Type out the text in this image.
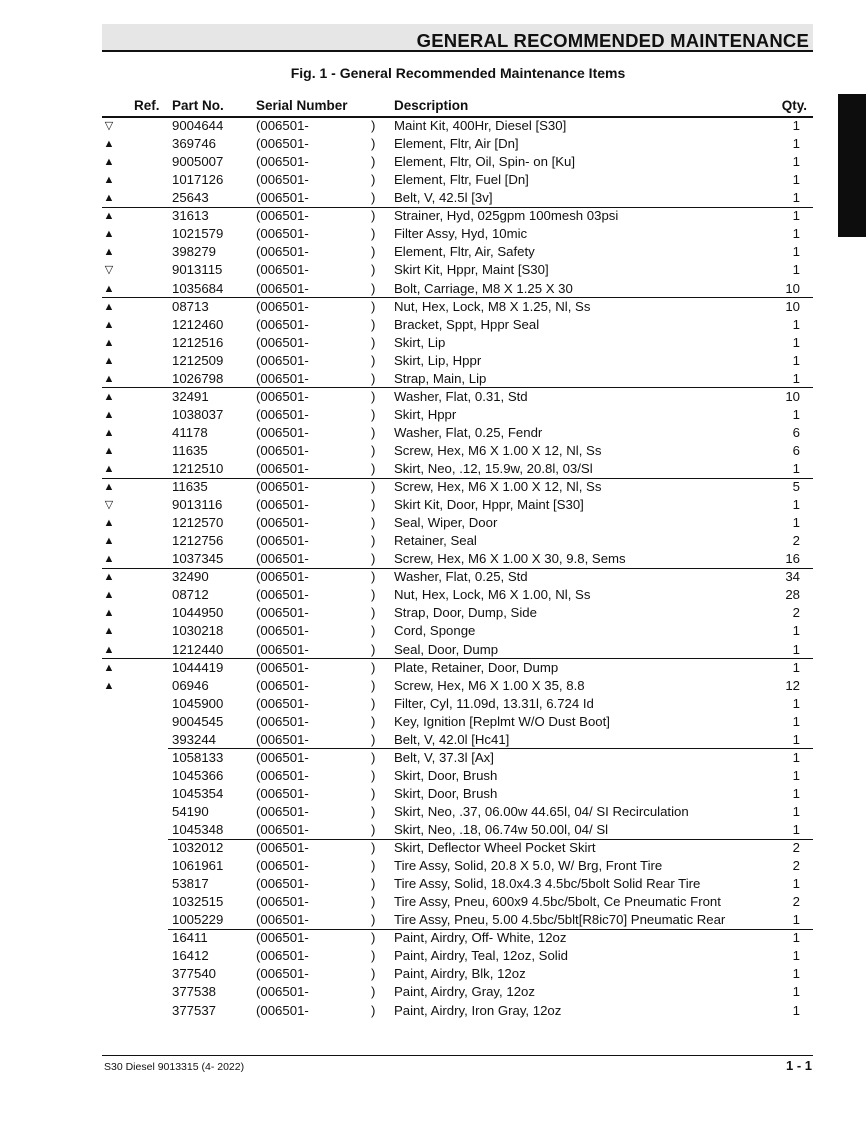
GENERAL RECOMMENDED MAINTENANCE
Fig. 1 - General Recommended Maintenance Items
Ref. Part No. Serial Number	Description	Qty.
▽	9004644 (006501-	) Maint Kit, 400Hr, Diesel [S30]	1
▲	369746	(006501-	) Element, Fltr, Air [Dn]	1
▲	9005007 (006501-	) Element, Fltr, Oil, Spin- on [Ku]	1
▲	1017126 (006501-	) Element, Fltr, Fuel [Dn]	1
▲	25643	(006501-	) Belt, V, 42.5l [3v]	1
▲	31613	(006501-	) Strainer, Hyd, 025gpm 100mesh 03psi	1
▲	1021579 (006501-	) Filter Assy, Hyd, 10mic	1
▲	398279	(006501-	) Element, Fltr, Air, Safety	1
▽	9013115	(006501-	) Skirt Kit, Hppr, Maint [S30]	1
▲	1035684 (006501-	) Bolt, Carriage, M8 X 1.25 X 30	10
▲	08713	(006501-	) Nut, Hex, Lock, M8 X 1.25, Nl, Ss	10
▲	1212460 (006501-	) Bracket, Sppt, Hppr Seal	1
▲	1212516 (006501-	) Skirt, Lip	1
▲	1212509 (006501-	) Skirt, Lip, Hppr	1
▲	1026798 (006501-	) Strap, Main, Lip	1
▲	32491	(006501-	) Washer, Flat, 0.31, Std	10
▲	1038037 (006501-	) Skirt, Hppr	1
▲	41178	(006501-	) Washer, Flat, 0.25, Fendr	6
▲	11635	(006501-	) Screw, Hex, M6 X 1.00 X 12, Nl, Ss	6
▲	1212510 (006501-	) Skirt, Neo, .12, 15.9w, 20.8l, 03/Sl	1
▲	11635	(006501-	) Screw, Hex, M6 X 1.00 X 12, Nl, Ss	5
▽	9013116	(006501-	) Skirt Kit, Door, Hppr, Maint [S30]	1
▲	1212570 (006501-	) Seal, Wiper, Door	1
▲	1212756 (006501-	) Retainer, Seal	2
▲	1037345 (006501-	) Screw, Hex, M6 X 1.00 X 30, 9.8, Sems	16
▲	32490	(006501-	) Washer, Flat, 0.25, Std	34
▲	08712	(006501-	) Nut, Hex, Lock, M6 X 1.00, Nl, Ss	28
▲	1044950 (006501-	) Strap, Door, Dump, Side	2
▲	1030218 (006501-	) Cord, Sponge	1
▲	1212440 (006501-	) Seal, Door, Dump	1
▲	1044419 (006501-	) Plate, Retainer, Door, Dump	1
▲	06946	(006501-	) Screw, Hex, M6 X 1.00 X 35, 8.8	12
1045900 (006501-	) Filter, Cyl, 11.09d, 13.31l, 6.724 Id	1
9004545 (006501-	) Key, Ignition [Replmt W/O Dust Boot]	1
393244	(006501-	) Belt, V, 42.0l [Hc41]	1
1058133 (006501-	) Belt, V, 37.3l [Ax]	1
1045366 (006501-	) Skirt, Door, Brush	1
1045354 (006501-	) Skirt, Door, Brush	1
54190	(006501-	) Skirt, Neo, .37, 06.00w 44.65l, 04/ SI Recirculation	1
1045348 (006501-	) Skirt, Neo, .18, 06.74w 50.00l, 04/ Sl	1
1032012 (006501-	) Skirt, Deflector Wheel Pocket Skirt	2
1061961 (006501-	) Tire Assy, Solid, 20.8 X 5.0, W/ Brg, Front Tire	2
53817	(006501-	) Tire Assy, Solid, 18.0x4.3 4.5bc/5bolt Solid Rear Tire	1
1032515 (006501-	) Tire Assy, Pneu, 600x9 4.5bc/5bolt, Ce Pneumatic Front	2
1005229 (006501-	) Tire Assy, Pneu, 5.00 4.5bc/5blt[R8ic70] Pneumatic Rear	1
16411	(006501-	) Paint, Airdry, Off- White, 12oz	1
16412	(006501-	) Paint, Airdry, Teal, 12oz, Solid	1
377540	(006501-	) Paint, Airdry, Blk, 12oz	1
377538	(006501-	) Paint, Airdry, Gray, 12oz	1
377537	(006501-	) Paint, Airdry, Iron Gray, 12oz	1
S30 Diesel 9013315 (4- 2022)	1 - 1
